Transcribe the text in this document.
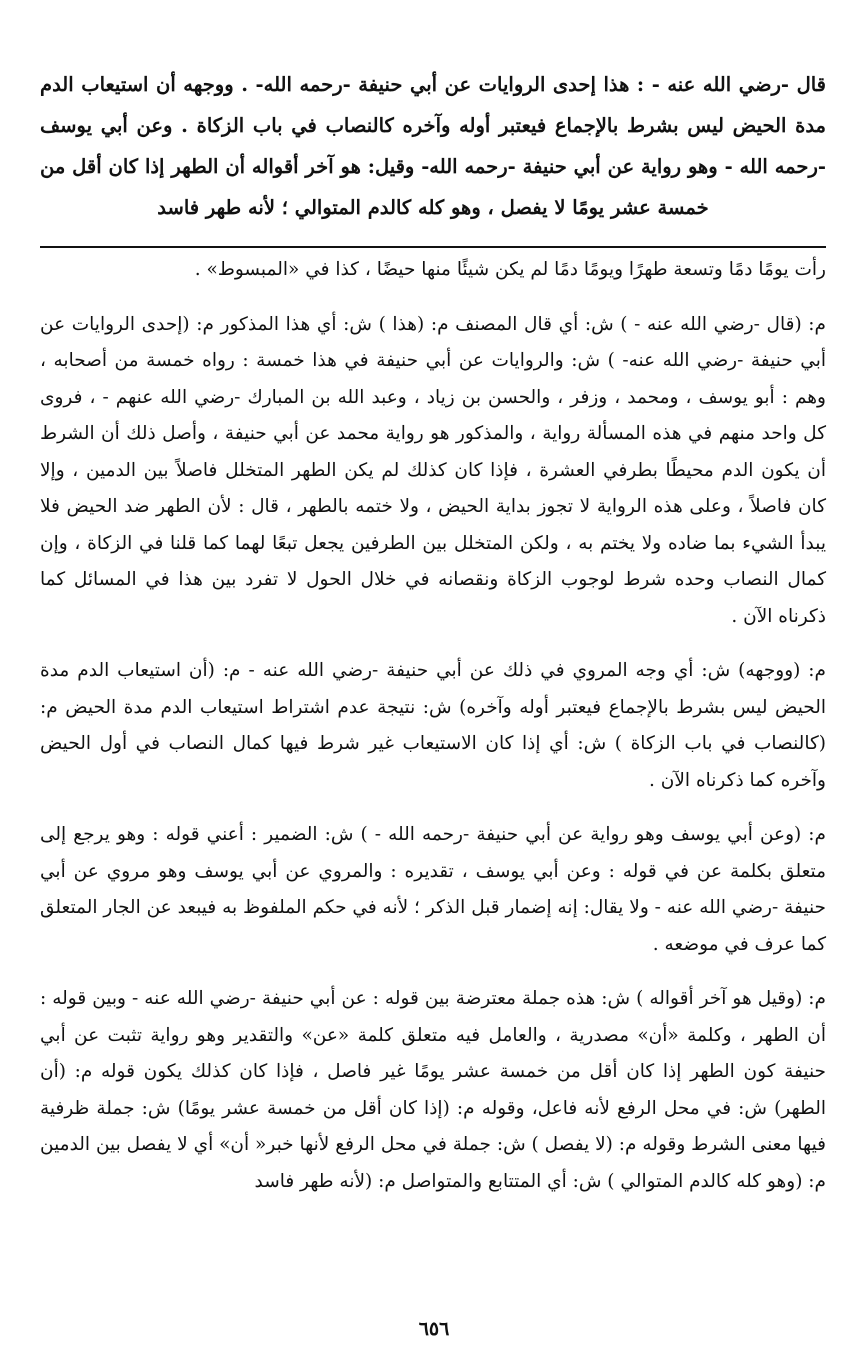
قال -رضي الله عنه - : هذا إحدى الروايات عن أبي حنيفة -رحمه الله- . ووجهه أن استيعاب الدم مدة الحيض ليس بشرط بالإجماع فيعتبر أوله وآخره كالنصاب في باب الزكاة . وعن أبي يوسف -رحمه الله - وهو رواية عن أبي حنيفة -رحمه الله- وقيل: هو آخر أقواله أن الطهر إذا كان أقل من خمسة عشر يومًا لا يفصل ، وهو كله كالدم المتوالي ؛ لأنه طهر فاسد

رأت يومًا دمًا وتسعة طهرًا ويومًا دمًا لم يكن شيئًا منها حيضًا ، كذا في «المبسوط» .

م: (قال -رضي الله عنه - ) ش: أي قال المصنف م: (هذا ) ش: أي هذا المذكور م: (إحدى الروايات عن أبي حنيفة -رضي الله عنه- ) ش: والروايات عن أبي حنيفة في هذا خمسة : رواه خمسة من أصحابه ، وهم : أبو يوسف ، ومحمد ، وزفر ، والحسن بن زياد ، وعبد الله بن المبارك -رضي الله عنهم - ، فروى كل واحد منهم في هذه المسألة رواية ، والمذكور هو رواية محمد عن أبي حنيفة ، وأصل ذلك أن الشرط أن يكون الدم محيطًا بطرفي العشرة ، فإذا كان كذلك لم يكن الطهر المتخلل فاصلاً بين الدمين ، وإلا كان فاصلاً ، وعلى هذه الرواية لا تجوز بداية الحيض ، ولا ختمه بالطهر ، قال : لأن الطهر ضد الحيض فلا يبدأ الشيء بما ضاده ولا يختم به ، ولكن المتخلل بين الطرفين يجعل تبعًا لهما كما قلنا في الزكاة ، وإن كمال النصاب وحده شرط لوجوب الزكاة ونقصانه في خلال الحول لا تفرد بين هذا في المسائل كما ذكرناه الآن .

م: (ووجهه) ش: أي وجه المروي في ذلك عن أبي حنيفة -رضي الله عنه - م: (أن استيعاب الدم مدة الحيض ليس بشرط بالإجماع فيعتبر أوله وآخره) ش: نتيجة عدم اشتراط استيعاب الدم مدة الحيض م: (كالنصاب في باب الزكاة ) ش: أي إذا كان الاستيعاب غير شرط فيها كمال النصاب في أول الحيض وآخره كما ذكرناه الآن .

م: (وعن أبي يوسف وهو رواية عن أبي حنيفة -رحمه الله - ) ش: الضمير : أعني قوله : وهو يرجع إلى متعلق بكلمة عن في قوله : وعن أبي يوسف ، تقديره : والمروي عن أبي يوسف وهو مروي عن أبي حنيفة -رضي الله عنه - ولا يقال: إنه إضمار قبل الذكر ؛ لأنه في حكم الملفوظ به فيبعد عن الجار المتعلق كما عرف في موضعه .

م: (وقيل هو آخر أقواله ) ش: هذه جملة معترضة بين قوله : عن أبي حنيفة -رضي الله عنه - وبين قوله : أن الطهر ، وكلمة «أن» مصدرية ، والعامل فيه متعلق كلمة «عن» والتقدير وهو رواية تثبت عن أبي حنيفة كون الطهر إذا كان أقل من خمسة عشر يومًا غير فاصل ، فإذا كان كذلك يكون قوله م: (أن الطهر) ش: في محل الرفع لأنه فاعل، وقوله م: (إذا كان أقل من خمسة عشر يومًا) ش: جملة ظرفية فيها معنى الشرط وقوله م: (لا يفصل ) ش: جملة في محل الرفع لأنها خبر« أن» أي لا يفصل بين الدمين م: (وهو كله كالدم المتوالي ) ش: أي المتتابع والمتواصل م: (لأنه طهر فاسد

٦٥٦
